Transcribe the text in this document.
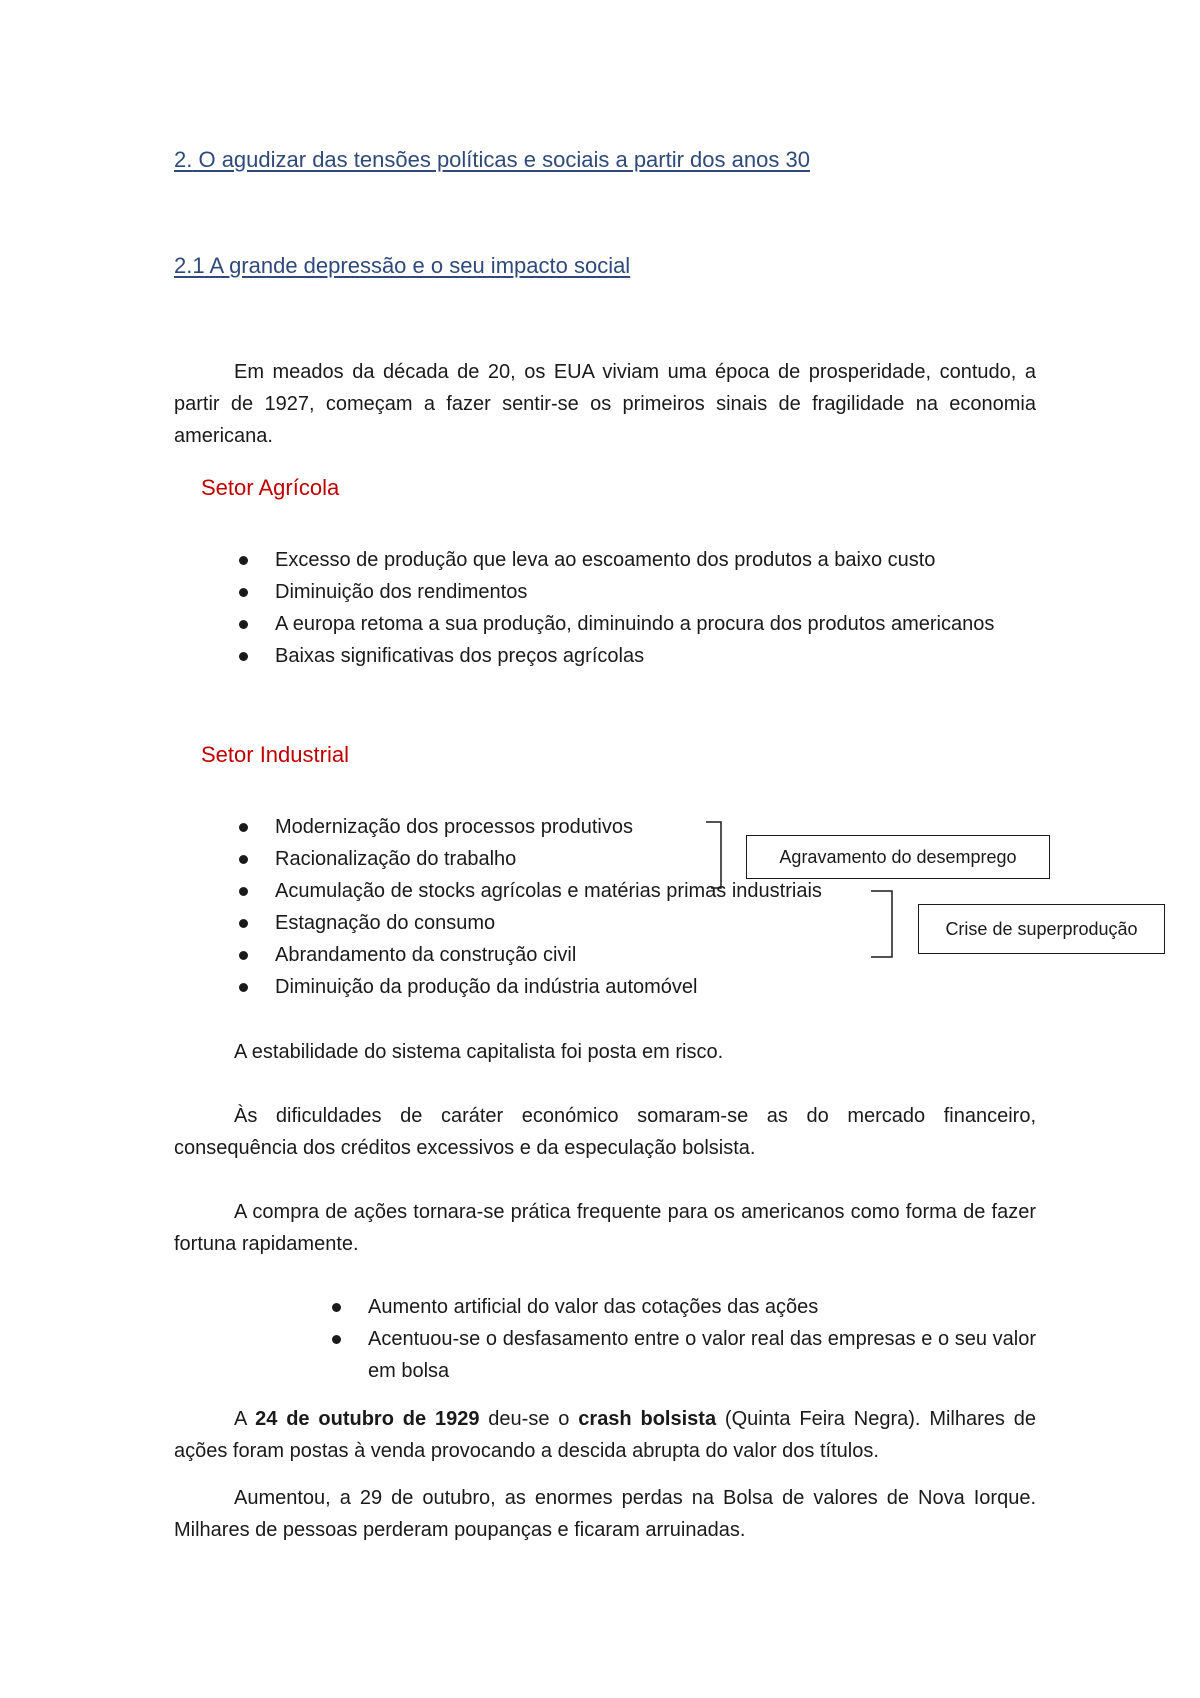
2. O agudizar das tensões políticas e sociais a partir dos anos 30
2.1 A grande depressão e o seu impacto social
Em meados da década de 20, os EUA viviam uma época de prosperidade, contudo, a partir de 1927, começam a fazer sentir-se os primeiros sinais de fragilidade na economia americana.
Setor Agrícola
Excesso de produção que leva ao escoamento dos produtos a baixo custo
Diminuição dos rendimentos
A europa retoma a sua produção, diminuindo a procura dos produtos americanos
Baixas significativas dos preços agrícolas
Setor Industrial
Modernização dos processos produtivos
Racionalização do trabalho
Acumulação de stocks agrícolas e matérias primas industriais
Estagnação do consumo
Abrandamento da construção civil
Diminuição da produção da indústria automóvel
Agravamento do desemprego
Crise de superprodução
A estabilidade do sistema capitalista foi posta em risco.
Às dificuldades de caráter económico somaram-se as do mercado financeiro, consequência dos créditos excessivos e da especulação bolsista.
A compra de ações tornara-se prática frequente para os americanos como forma de fazer fortuna rapidamente.
Aumento artificial do valor das cotações das ações
Acentuou-se o desfasamento entre o valor real das empresas e o seu valor em bolsa
A 24 de outubro de 1929 deu-se o crash bolsista (Quinta Feira Negra). Milhares de ações foram postas à venda provocando a descida abrupta do valor dos títulos.
Aumentou, a 29 de outubro, as enormes perdas na Bolsa de valores de Nova Iorque. Milhares de pessoas perderam poupanças e ficaram arruinadas.
